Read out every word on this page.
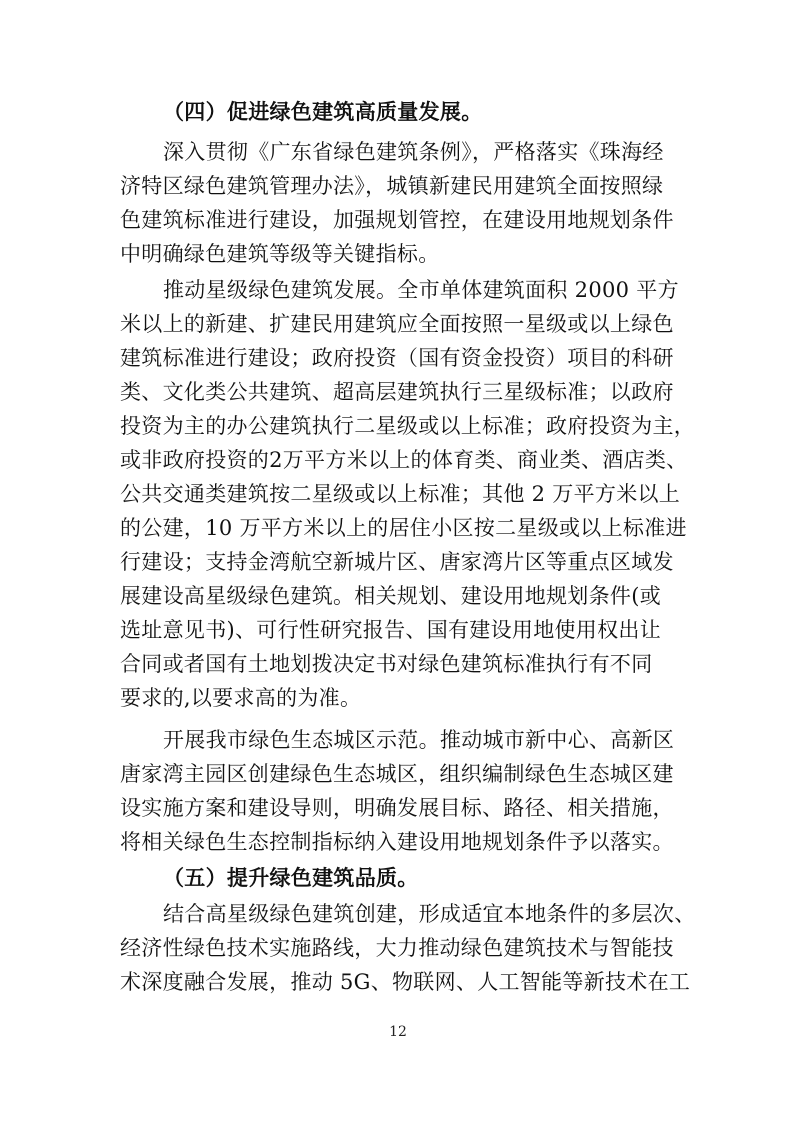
（四）促进绿色建筑高质量发展。
深入贯彻《广东省绿色建筑条例》，严格落实《珠海经
济特区绿色建筑管理办法》，城镇新建民用建筑全面按照绿
色建筑标准进行建设，加强规划管控，在建设用地规划条件
中明确绿色建筑等级等关键指标。
推动星级绿色建筑发展。全市单体建筑面积 2000 平方
米以上的新建、扩建民用建筑应全面按照一星级或以上绿色
建筑标准进行建设；政府投资（国有资金投资）项目的科研
类、文化类公共建筑、超高层建筑执行三星级标准；以政府
投资为主的办公建筑执行二星级或以上标准；政府投资为主，
或非政府投资的2万平方米以上的体育类、商业类、酒店类、
公共交通类建筑按二星级或以上标准；其他 2 万平方米以上
的公建，10 万平方米以上的居住小区按二星级或以上标准进
行建设；支持金湾航空新城片区、唐家湾片区等重点区域发
展建设高星级绿色建筑。相关规划、建设用地规划条件(或
选址意见书)、可行性研究报告、国有建设用地使用权出让
合同或者国有土地划拨决定书对绿色建筑标准执行有不同
要求的,以要求高的为准。
开展我市绿色生态城区示范。推动城市新中心、高新区
唐家湾主园区创建绿色生态城区，组织编制绿色生态城区建
设实施方案和建设导则，明确发展目标、路径、相关措施，
将相关绿色生态控制指标纳入建设用地规划条件予以落实。
（五）提升绿色建筑品质。
结合高星级绿色建筑创建，形成适宜本地条件的多层次、
经济性绿色技术实施路线，大力推动绿色建筑技术与智能技
术深度融合发展，推动 5G、物联网、人工智能等新技术在工
12
